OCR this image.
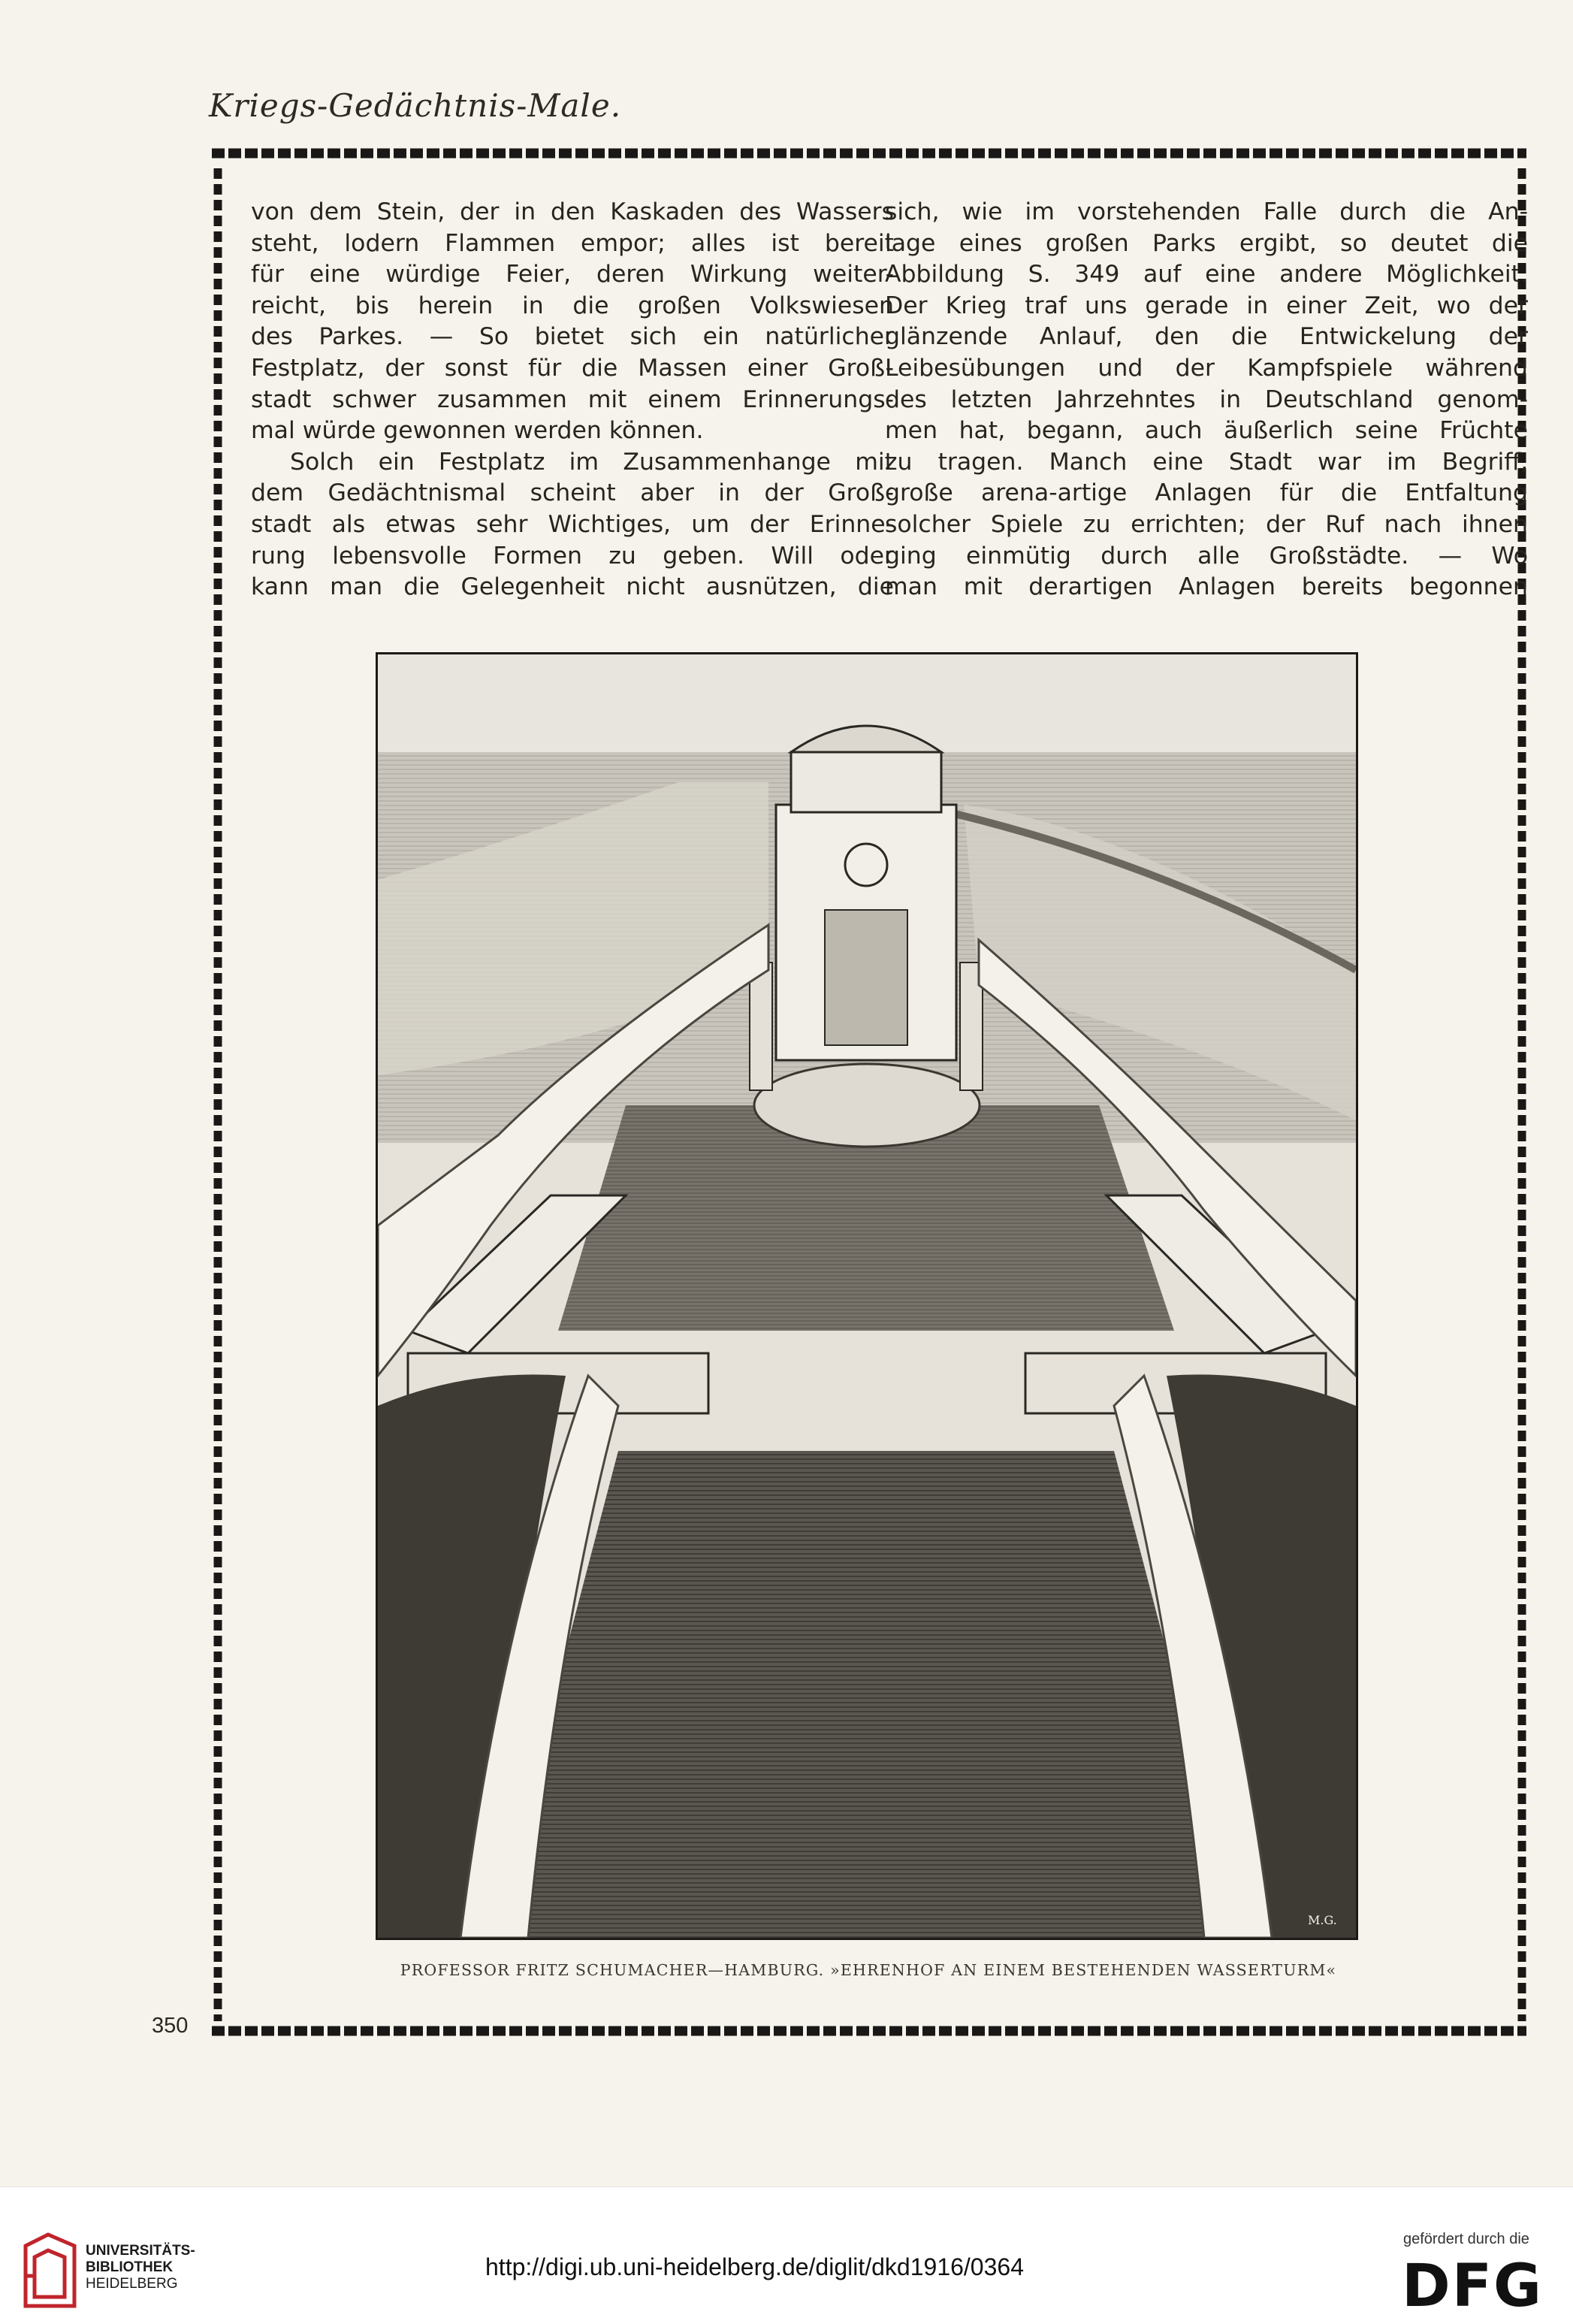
Kriegs-Gedächtnis-Male.
von dem Stein, der in den Kaskaden des Wassers
steht, lodern Flammen empor; alles ist bereit
für eine würdige Feier, deren Wirkung weiter-
reicht, bis herein in die großen Volkswiesen
des Parkes. — So bietet sich ein natürlicher
Festplatz, der sonst für die Massen einer Groß-
stadt schwer zusammen mit einem Erinnerungs-
mal würde gewonnen werden können.
Solch ein Festplatz im Zusammenhange mit
dem Gedächtnismal scheint aber in der Groß-
stadt als etwas sehr Wichtiges, um der Erinne-
rung lebensvolle Formen zu geben. Will oder
kann man die Gelegenheit nicht ausnützen, die
sich, wie im vorstehenden Falle durch die An-
lage eines großen Parks ergibt, so deutet die
Abbildung S. 349 auf eine andere Möglichkeit.
Der Krieg traf uns gerade in einer Zeit, wo der
glänzende Anlauf, den die Entwickelung der
Leibesübungen und der Kampfspiele während
des letzten Jahrzehntes in Deutschland genom-
men hat, begann, auch äußerlich seine Früchte
zu tragen. Manch eine Stadt war im Begriff,
große arena-artige Anlagen für die Entfaltung
solcher Spiele zu errichten; der Ruf nach ihnen
ging einmütig durch alle Großstädte. — Wo
man mit derartigen Anlagen bereits begonnen
M.G.
PROFESSOR FRITZ SCHUMACHER—HAMBURG. »EHRENHOF AN EINEM BESTEHENDEN WASSERTURM«
350
UNIVERSITÄTS-
BIBLIOTHEK
HEIDELBERG
http://digi.ub.uni-heidelberg.de/diglit/dkd1916/0364
gefördert durch die
DFG
